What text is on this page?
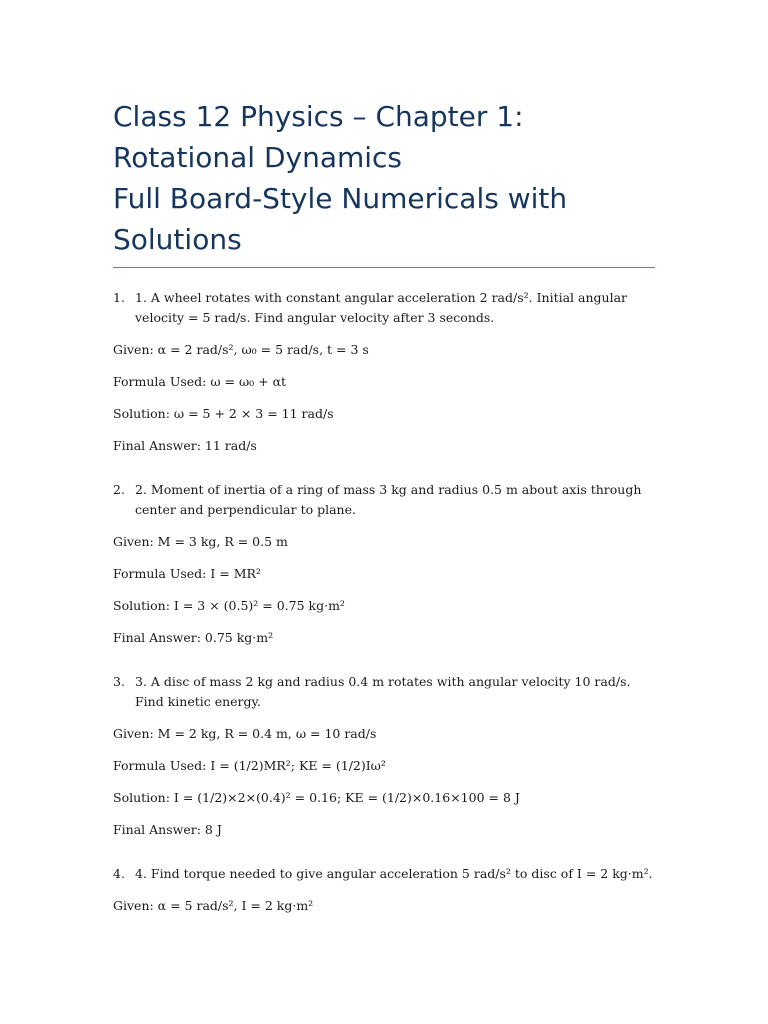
Class 12 Physics – Chapter 1: Rotational Dynamics
Full Board-Style Numericals with Solutions
1. 1. A wheel rotates with constant angular acceleration 2 rad/s². Initial angular velocity = 5 rad/s. Find angular velocity after 3 seconds.

Given: α = 2 rad/s², ω₀ = 5 rad/s, t = 3 s

Formula Used: ω = ω₀ + αt

Solution: ω = 5 + 2 × 3 = 11 rad/s

Final Answer: 11 rad/s

2. 2. Moment of inertia of a ring of mass 3 kg and radius 0.5 m about axis through center and perpendicular to plane.

Given: M = 3 kg, R = 0.5 m

Formula Used: I = MR²

Solution: I = 3 × (0.5)² = 0.75 kg·m²

Final Answer: 0.75 kg·m²

3. 3. A disc of mass 2 kg and radius 0.4 m rotates with angular velocity 10 rad/s. Find kinetic energy.

Given: M = 2 kg, R = 0.4 m, ω = 10 rad/s

Formula Used: I = (1/2)MR²; KE = (1/2)Iω²

Solution: I = (1/2)×2×(0.4)² = 0.16; KE = (1/2)×0.16×100 = 8 J

Final Answer: 8 J

4. 4. Find torque needed to give angular acceleration 5 rad/s² to disc of I = 2 kg·m².

Given: α = 5 rad/s², I = 2 kg·m²
